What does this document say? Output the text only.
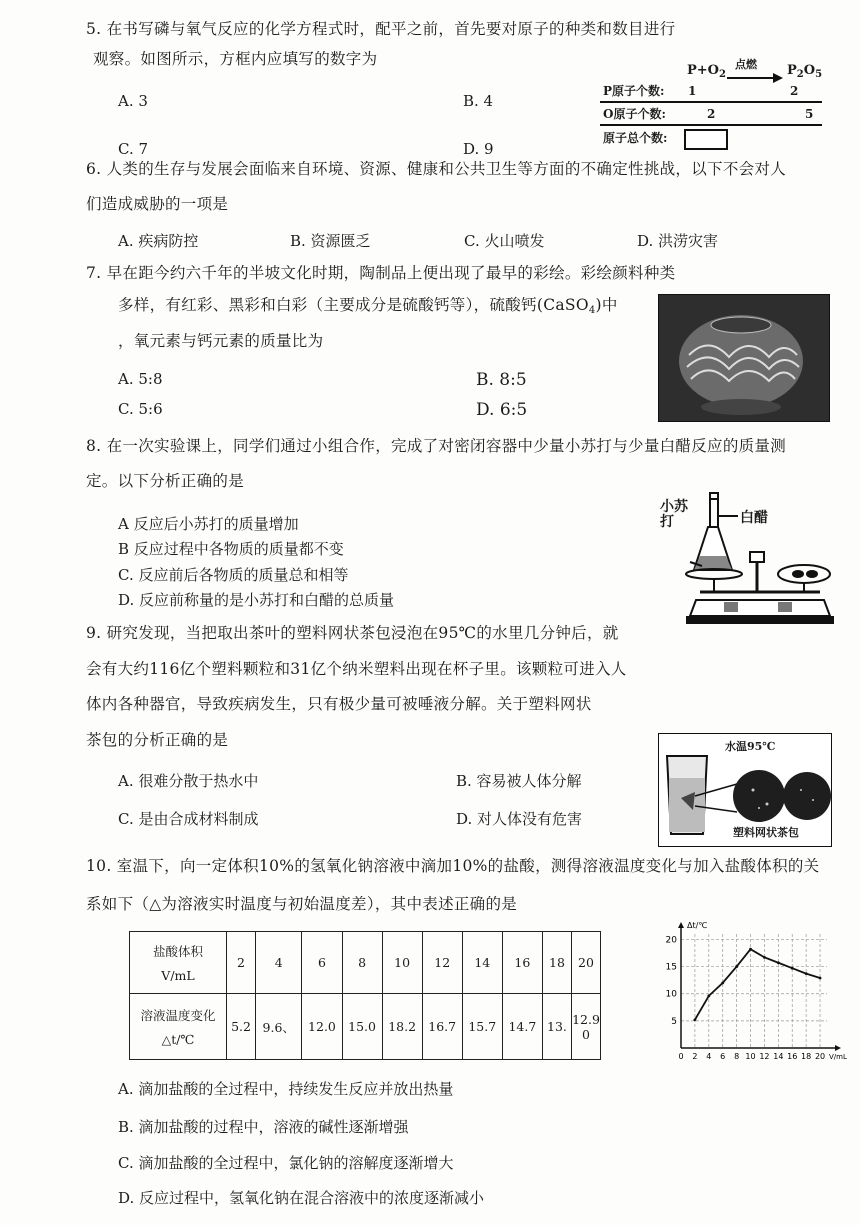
5. 在书写磷与氧气反应的化学方程式时，配平之前，首先要对原子的种类和数目进行
观察。如图所示，方框内应填写的数字为
A. 3	B. 4
C. 7	D. 9
$P+O_2$
点燃 $P_2O_5$
P原子个数: 1	2
O原子个数:	2	5
原子总个数:
6. 人类的生存与发展会面临来自环境、资源、健康和公共卫生等方面的不确定性挑战，以下不会对人
们造成威胁的一项是
A. 疾病防控	B. 资源匮乏	C. 火山喷发	D. 洪涝灾害
7. 早在距今约六千年的半坡文化时期，陶制品上便出现了最早的彩绘。彩绘颜料种类
多样，有红彩、黑彩和白彩（主要成分是硫酸钙等），硫酸钙(CaSO$_4$)中
，氧元素与钙元素的质量比为
A. 5:8	B. 8:5
C. 5:6	D. 6:5
8. 在一次实验课上，同学们通过小组合作，完成了对密闭容器中少量小苏打与少量白醋反应的质量测
定。以下分析正确的是
A 反应后小苏打的质量增加
B 反应过程中各物质的质量都不变
C. 反应前后各物质的质量总和相等
D. 反应前称量的是小苏打和白醋的总质量
小苏打	白醋
9. 研究发现，当把取出茶叶的塑料网状茶包浸泡在95℃的水里几分钟后，就
会有大约116亿个塑料颗粒和31亿个纳米塑料出现在杯子里。该颗粒可进入人
体内各种器官，导致疾病发生，只有极少量可被唾液分解。关于塑料网状
茶包的分析正确的是
A. 很难分散于热水中	B. 容易被人体分解
C. 是由合成材料制成	D. 对人体没有危害
水温95℃
塑料网状茶包
10. 室温下，向一定体积10%的氢氧化钠溶液中滴加10%的盐酸，测得溶液温度变化与加入盐酸体积的关
系如下（△为溶液实时温度与初始温度差），其中表述正确的是
盐酸体积
V/mL	2	4	6	8	10	12	14	16	18	20

溶液温度变化
△t/℃	5.2	9.6、	12.0	15.0	18.2	16.7	15.7	14.7	13.	12.9 0
0 2 4 6 8 10 12 14 16 18 20
5
10
15
20
Δt/℃
V/mL
A. 滴加盐酸的全过程中，持续发生反应并放出热量
B. 滴加盐酸的过程中，溶液的碱性逐渐增强
C. 滴加盐酸的全过程中，氯化钠的溶解度逐渐增大
D. 反应过程中，氢氧化钠在混合溶液中的浓度逐渐减小
